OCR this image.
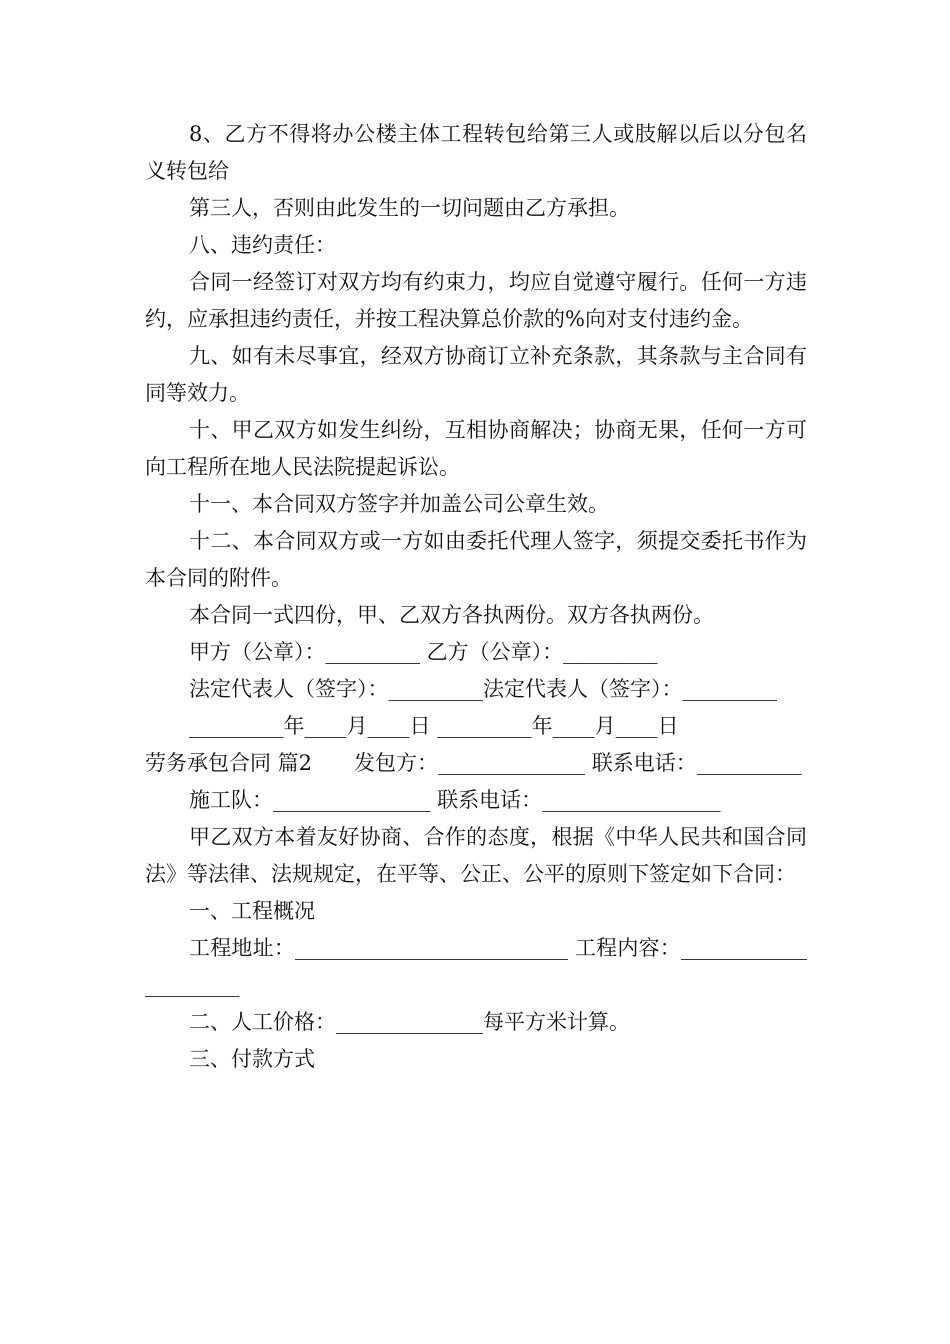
8、乙方不得将办公楼主体工程转包给第三人或肢解以后以分包名义转包给

第三人，否则由此发生的一切问题由乙方承担。

八、违约责任：

合同一经签订对双方均有约束力，均应自觉遵守履行。任何一方违约，应承担违约责任，并按工程决算总价款的%向对支付违约金。

九、如有未尽事宜，经双方协商订立补充条款，其条款与主合同有同等效力。

十、甲乙双方如发生纠纷，互相协商解决；协商无果，任何一方可向工程所在地人民法院提起诉讼。

十一、本合同双方签字并加盖公司公章生效。

十二、本合同双方或一方如由委托代理人签字，须提交委托书作为本合同的附件。

本合同一式四份，甲、乙双方各执两份。双方各执两份。

甲方（公章）：_________ 乙方（公章）：_________

法定代表人（签字）：_________法定代表人（签字）：_________

_________年____月____日 _________年____月____日

劳务承包合同 篇2　　发包方：______________ 联系电话：__________

施工队：_______________ 联系电话：_________________

甲乙双方本着友好协商、合作的态度，根据《中华人民共和国合同法》等法律、法规规定，在平等、公正、公平的原则下签定如下合同：

一、工程概况

工程地址：__________________________ 工程内容：_____________________

二、人工价格：______________每平方米计算。

三、付款方式
